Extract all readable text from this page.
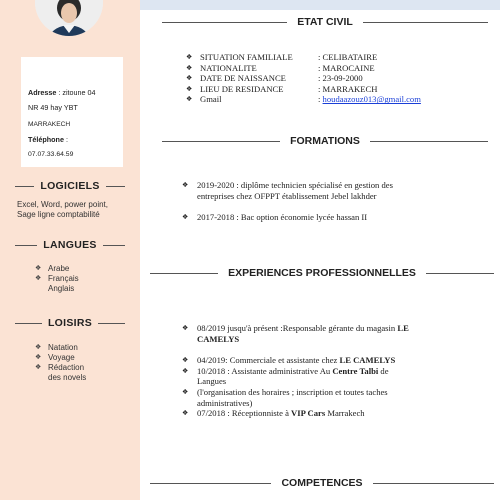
Adresse : zitoune 04
NR 49 hay YBT
MARRAKECH
Téléphone :
07.07.33.64.59
LOGICIELS
Excel, Word, power point,
Sage ligne comptabilité
LANGUES
❖ Arabe
❖ Français
Anglais
LOISIRS
❖ Natation
❖ Voyage
❖ Rédaction
des novels
ETAT CIVIL
❖ SITUATION FAMILIALE	: CELIBATAIRE
❖ NATIONALITE	: MAROCAINE
❖ DATE DE NAISSANCE	: 23-09-2000
❖ LIEU DE RESIDANCE	: MARRAKECH
❖ Gmail	: houdaazouz013@gmail.com
FORMATIONS
❖ 2019-2020 : diplôme technicien spécialisé en gestion des
entreprises chez OFPPT établissement Jebel lakhder
❖ 2017-2018 : Bac option économie lycée hassan II
EXPERIENCES PROFESSIONNELLES
❖ 08/2019 jusqu'à présent :Responsable gérante du magasin LE
CAMELYS
❖ 04/2019: Commerciale et assistante chez LE CAMELYS
❖ 10/2018 : Assistante administrative Au Centre Talbi de
Langues
❖ (l'organisation des horaires ; inscription et toutes taches
administratives)
❖ 07/2018 : Réceptionniste à VIP Cars Marrakech
COMPETENCES
